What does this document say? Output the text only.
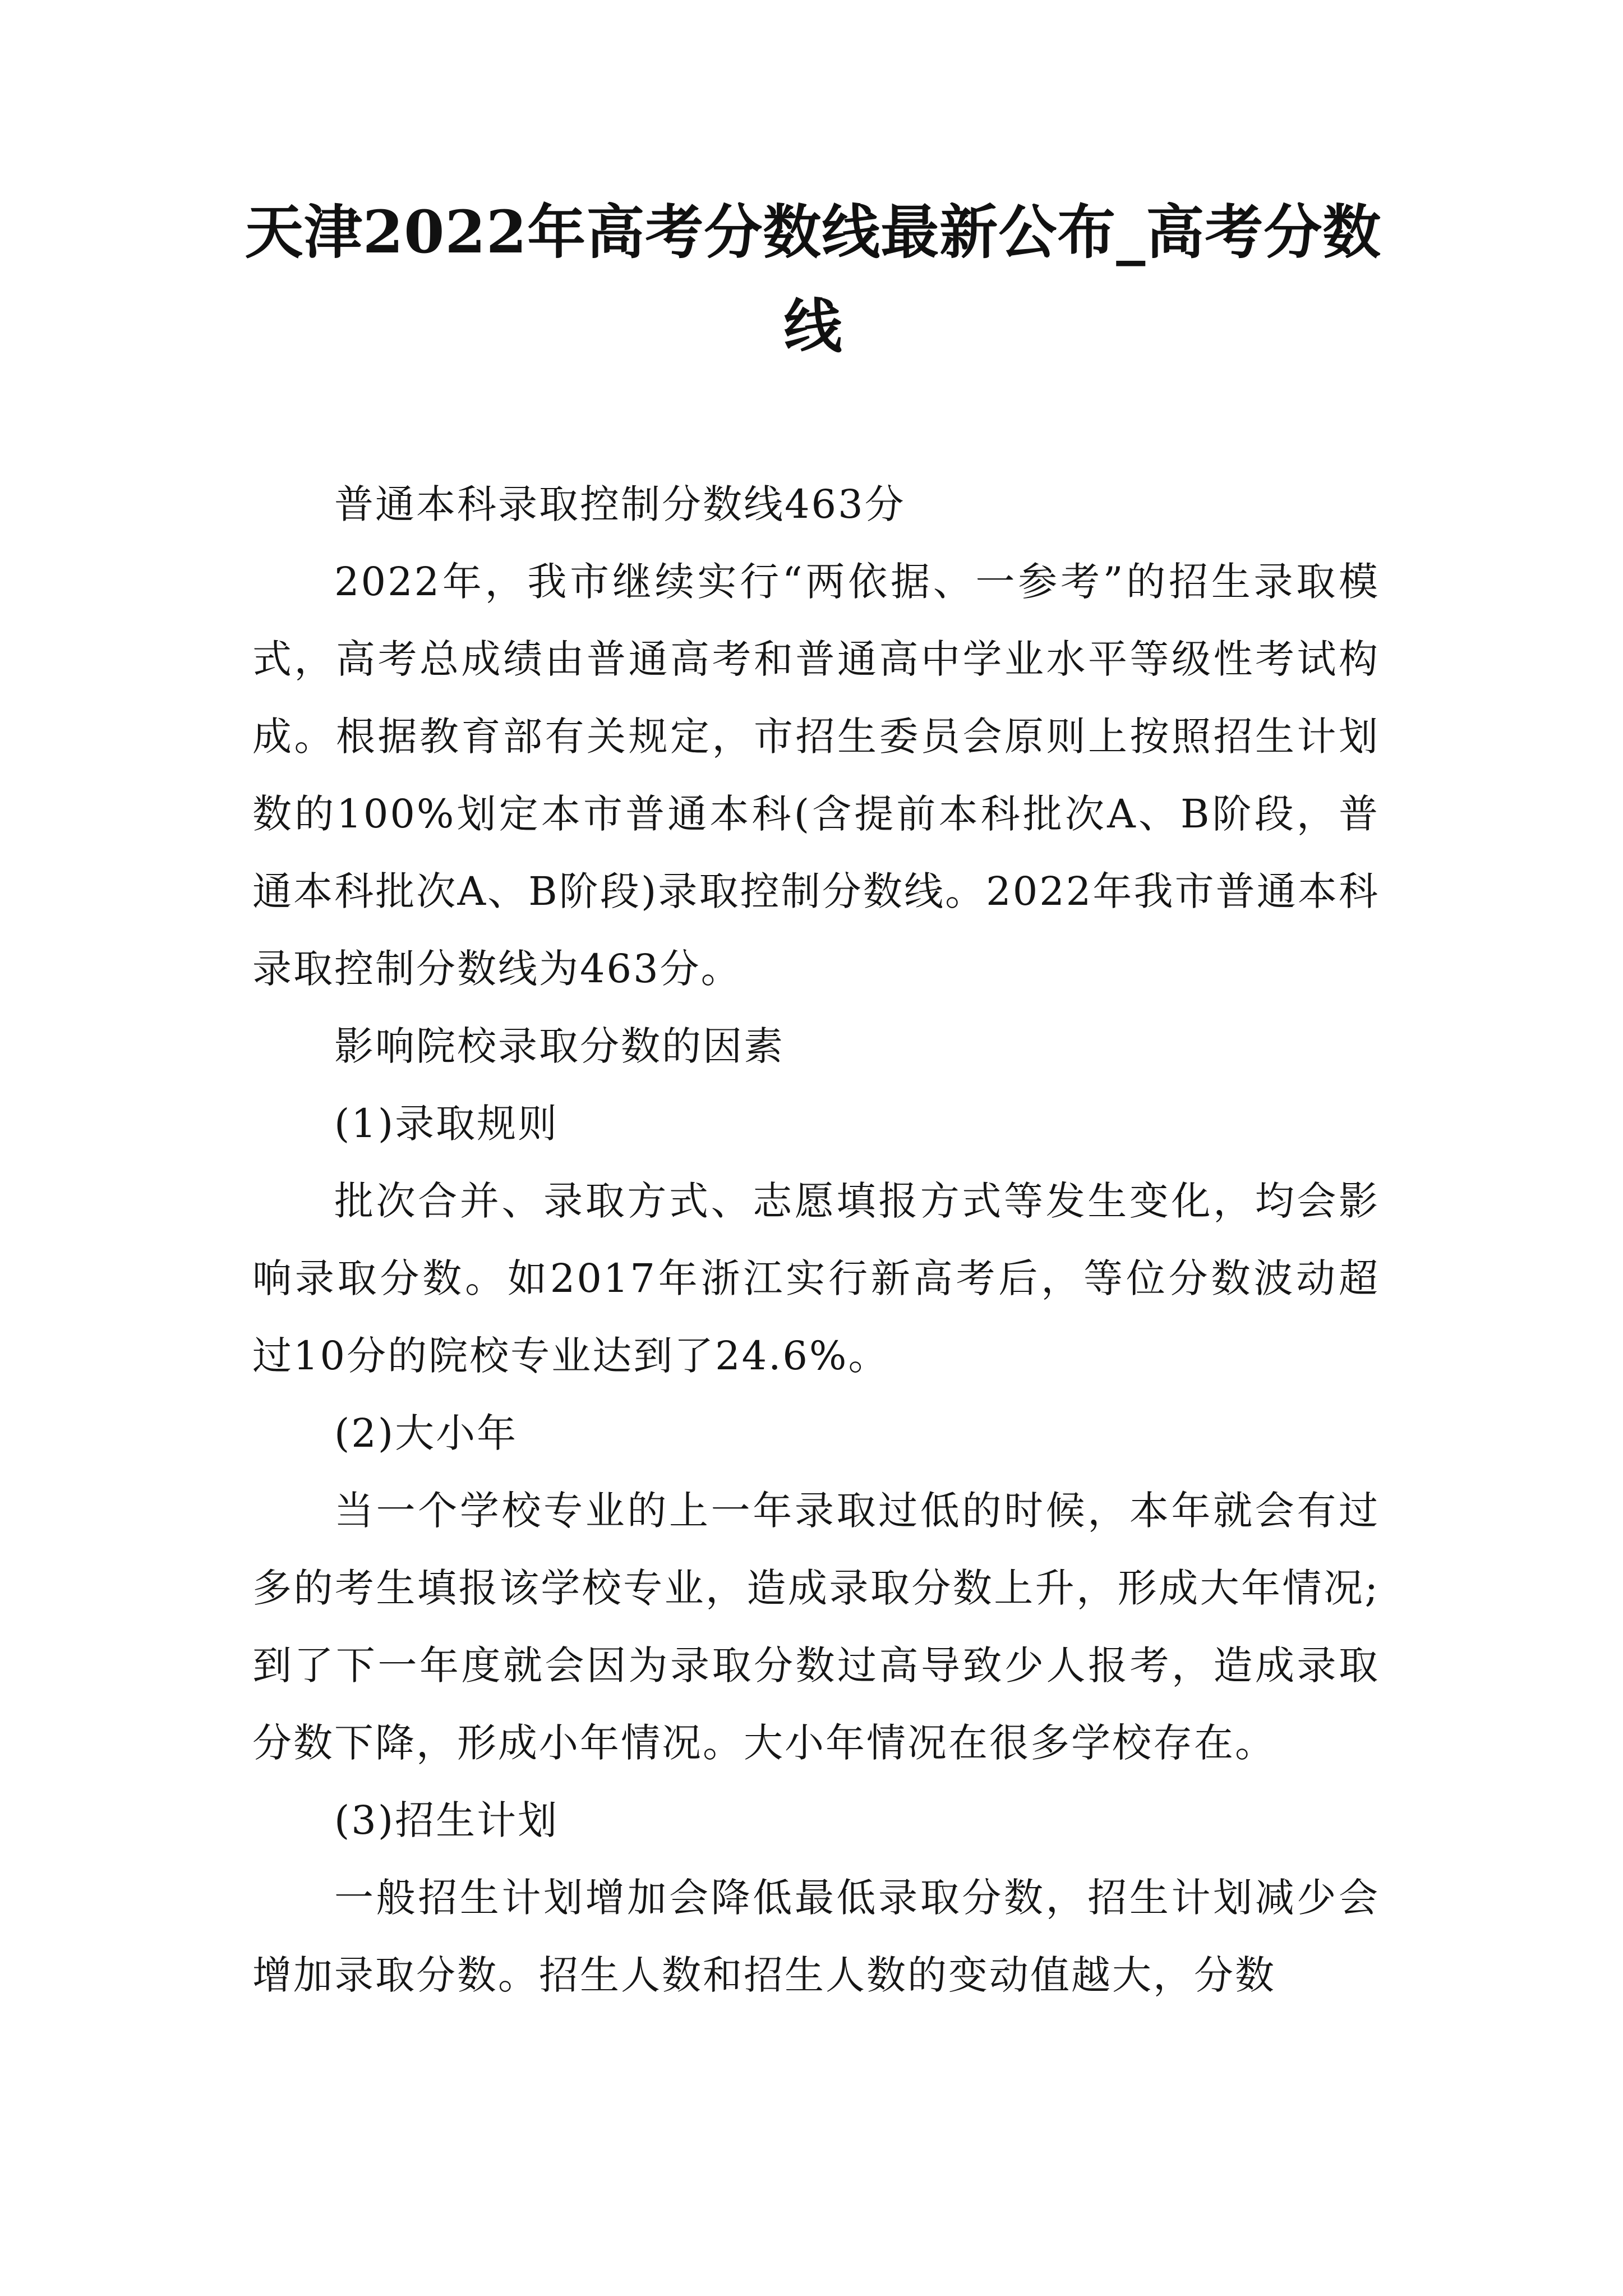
天津2022年高考分数线最新公布_高考分数线

普通本科录取控制分数线463分

2022年，我市继续实行“两依据、一参考”的招生录取模式，高考总成绩由普通高考和普通高中学业水平等级性考试构成。根据教育部有关规定，市招生委员会原则上按照招生计划数的100%划定本市普通本科(含提前本科批次A、B阶段，普通本科批次A、B阶段)录取控制分数线。2022年我市普通本科录取控制分数线为463分。

影响院校录取分数的因素

(1)录取规则

批次合并、录取方式、志愿填报方式等发生变化，均会影响录取分数。如2017年浙江实行新高考后，等位分数波动超过10分的院校专业达到了24.6%。

(2)大小年

当一个学校专业的上一年录取过低的时候，本年就会有过多的考生填报该学校专业，造成录取分数上升，形成大年情况;到了下一年度就会因为录取分数过高导致少人报考，造成录取分数下降，形成小年情况。大小年情况在很多学校存在。

(3)招生计划

一般招生计划增加会降低最低录取分数，招生计划减少会增加录取分数。招生人数和招生人数的变动值越大，分数
